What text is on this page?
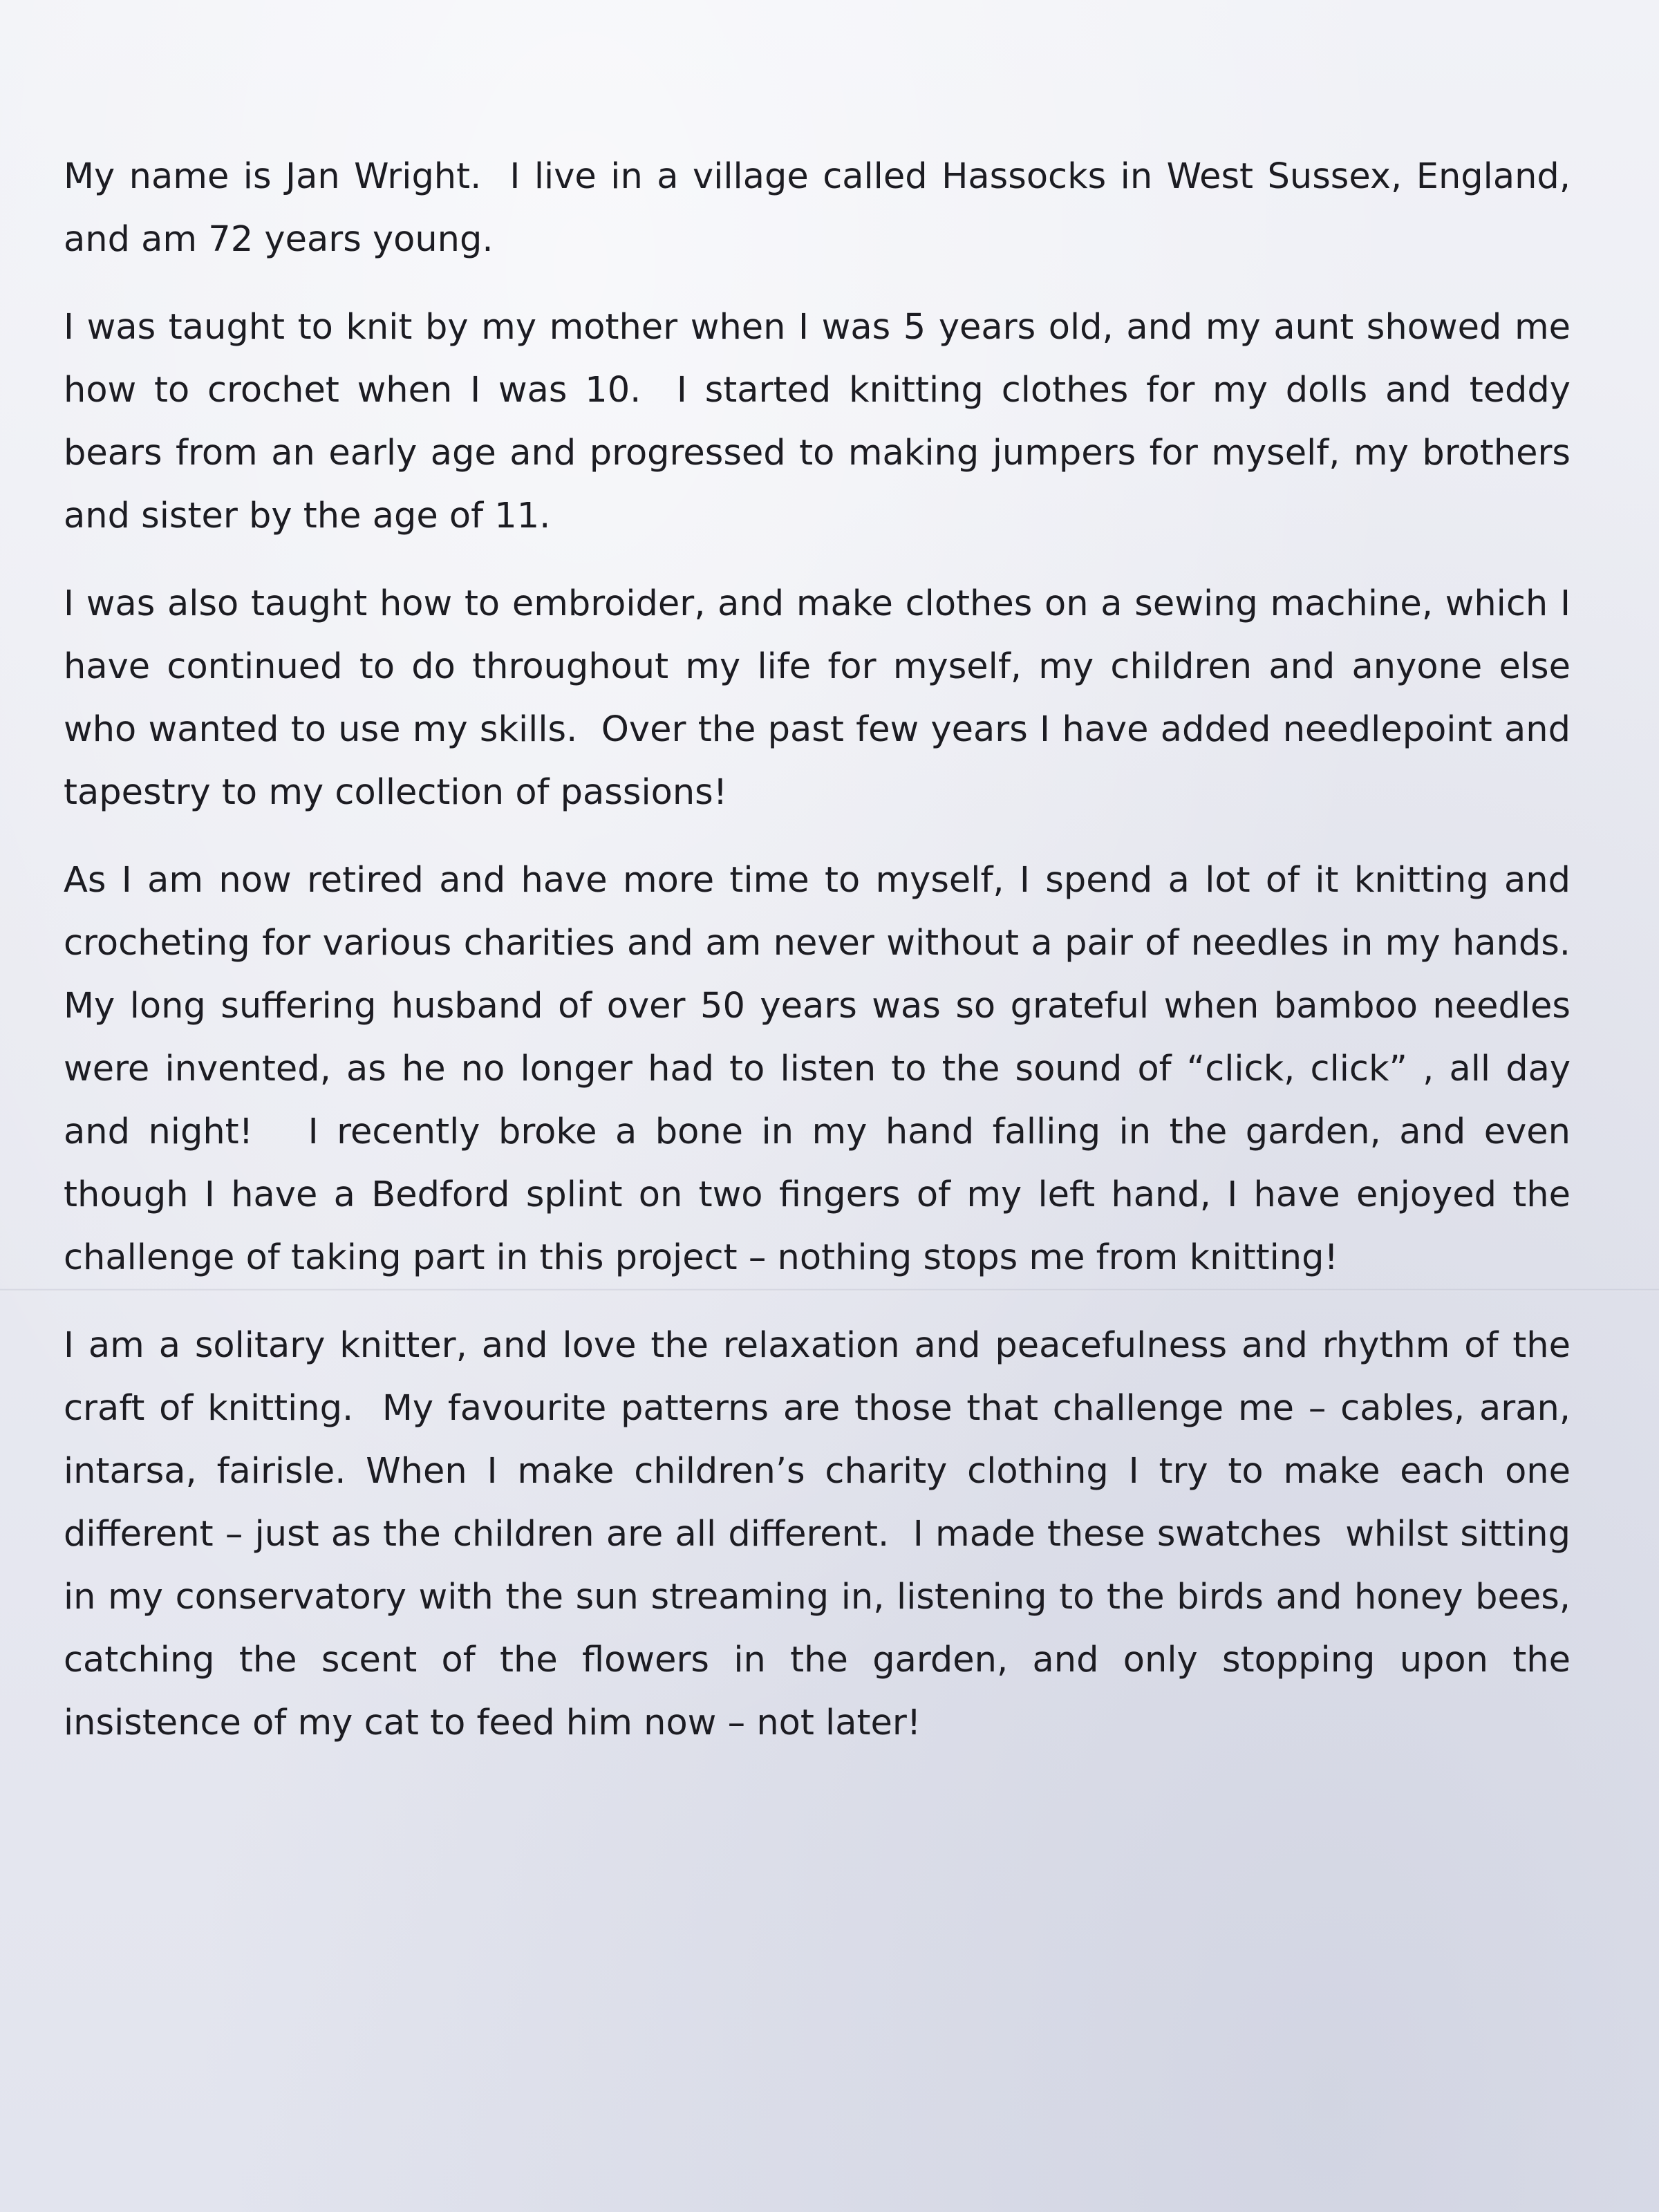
My name is Jan Wright.  I live in a village called Hassocks in West Sussex, England, and am 72 years young.

I was taught to knit by my mother when I was 5 years old, and my aunt showed me how to crochet when I was 10.  I started knitting clothes for my dolls and teddy bears from an early age and progressed to making jumpers for myself, my brothers and sister by the age of 11.

I was also taught how to embroider, and make clothes on a sewing machine, which I have continued to do throughout my life for myself, my children and anyone else who wanted to use my skills.  Over the past few years I have added needlepoint and tapestry to my collection of passions!

As I am now retired and have more time to myself, I spend a lot of it knitting and crocheting for various charities and am never without a pair of needles in my hands.  My long suffering husband of over 50 years was so grateful when bamboo needles were invented, as he no longer had to listen to the sound of “click, click” , all day and night!   I recently broke a bone in my hand falling in the garden, and even though I have a Bedford splint on two fingers of my left hand, I have enjoyed the challenge of taking part in this project – nothing stops me from knitting!

I am a solitary knitter, and love the relaxation and peacefulness and rhythm of the craft of knitting.  My favourite patterns are those that challenge me – cables, aran, intarsa, fairisle. When I make children’s charity clothing I try to make each one different – just as the children are all different.  I made these swatches  whilst sitting in my conservatory with the sun streaming in, listening to the birds and honey bees, catching the scent of the flowers in the garden, and only stopping upon the insistence of my cat to feed him now – not later!
